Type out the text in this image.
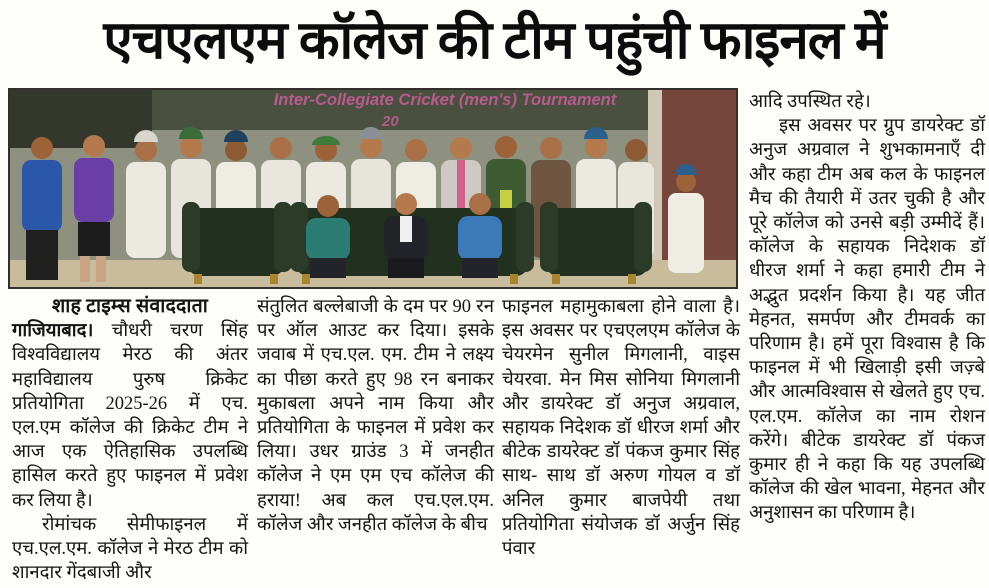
एचएलएम कॉलेज की टीम पहुंची फाइनल में
Inter-Collegiate Cricket (men's) Tournament
20

शाह टाइम्स संवाददाता

गाजियाबाद। चौधरी चरण सिंह विश्वविद्यालय मेरठ की अंतर महाविद्यालय पुरुष क्रिकेट प्रतियोगिता 2025-26 में एच. एल.एम कॉलेज की क्रिकेट टीम ने आज एक ऐतिहासिक उपलब्धि हासिल करते हुए फाइनल में प्रवेश कर लिया है।

रोमांचक सेमीफाइनल में एच.एल.एम. कॉलेज ने मेरठ टीम को शानदार गेंदबाजी और

संतुलित बल्लेबाजी के दम पर 90 रन पर ऑल आउट कर दिया। इसके जवाब में एच.एल. एम. टीम ने लक्ष्य का पीछा करते हुए 98 रन बनाकर मुकाबला अपने नाम किया और प्रतियोगिता के फाइनल में प्रवेश कर लिया। उधर ग्राउंड 3 में जनहीत कॉलेज ने एम एम एच कॉलेज की हराया! अब कल एच.एल.एम. कॉलेज और जनहीत कॉलेज के बीच

फाइनल महामुकाबला होने वाला है। इस अवसर पर एचएलएम कॉलेज के चेयरमेन सुनील मिगलानी, वाइस चेयरवा. मेन मिस सोनिया मिगलानी और डायरेक्ट डॉ अनुज अग्रवाल, सहायक निदेशक डॉ धीरज शर्मा और बीटेक डायरेक्ट डॉ पंकज कुमार सिंह साथ- साथ डॉ अरुण गोयल व डॉ अनिल कुमार बाजपेयी तथा प्रतियोगिता संयोजक डॉ अर्जुन सिंह पंवार

आदि उपस्थित रहे।

इस अवसर पर ग्रुप डायरेक्ट डॉ अनुज अग्रवाल ने शुभकामनाएँ दी और कहा टीम अब कल के फाइनल मैच की तैयारी में उतर चुकी है और पूरे कॉलेज को उनसे बड़ी उम्मीदें हैं। कॉलेज के सहायक निदेशक डॉ धीरज शर्मा ने कहा हमारी टीम ने अद्भुत प्रदर्शन किया है। यह जीत मेहनत, समर्पण और टीमवर्क का परिणाम है। हमें पूरा विश्वास है कि फाइनल में भी खिलाड़ी इसी जज़्बे और आत्मविश्वास से खेलते हुए एच. एल.एम. कॉलेज का नाम रोशन करेंगे। बीटेक डायरेक्ट डॉ पंकज कुमार ही ने कहा कि यह उपलब्धि कॉलेज की खेल भावना, मेहनत और अनुशासन का परिणाम है।
